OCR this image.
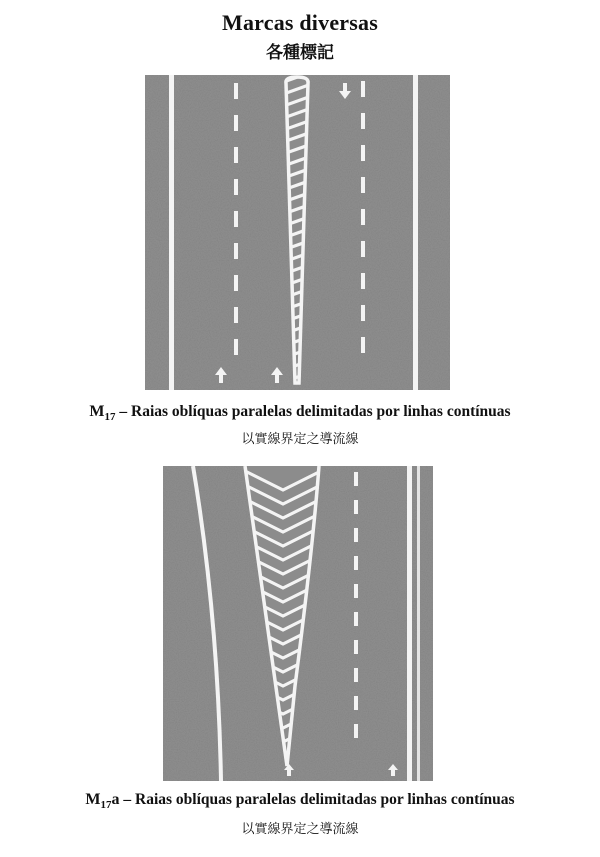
Marcas diversas
各種標記
$M_{17}$ – Raias oblíquas paralelas delimitadas por linhas contínuas
以實線界定之導流線
$M_{17}a$ – Raias oblíquas paralelas delimitadas por linhas contínuas
以實線界定之導流線
